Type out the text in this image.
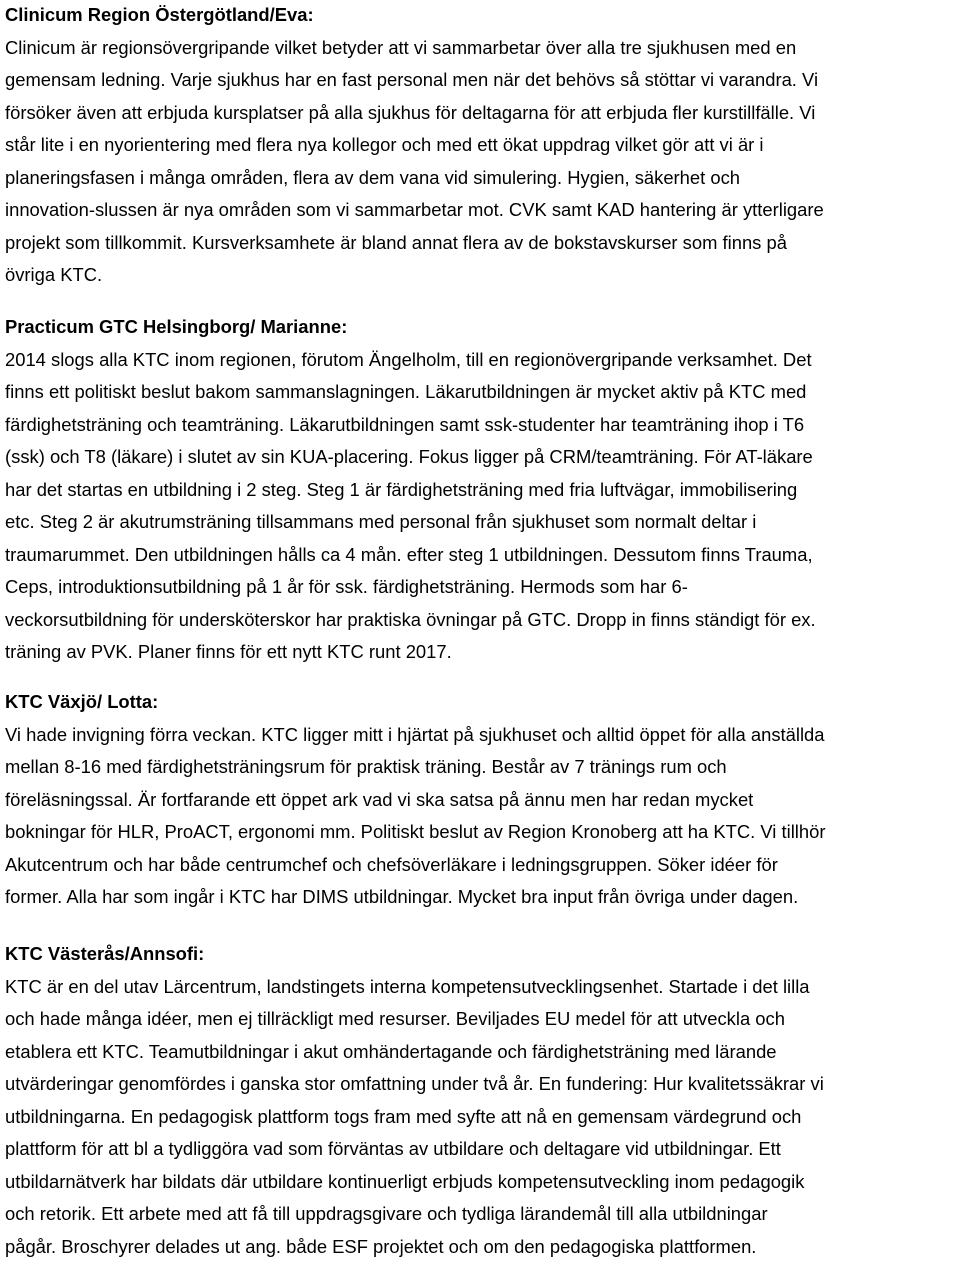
Clinicum Region Östergötland/Eva:
Clinicum är regionsövergripande vilket betyder att vi sammarbetar över alla tre sjukhusen med en
gemensam ledning. Varje sjukhus har en fast personal men när det behövs så stöttar vi varandra. Vi
försöker även att erbjuda kursplatser på alla sjukhus för deltagarna för att erbjuda fler kurstillfälle. Vi
står lite i en nyorientering med flera nya kollegor och med ett ökat uppdrag vilket gör att vi är i
planeringsfasen i många områden, flera av dem vana vid simulering. Hygien, säkerhet och
innovation-slussen är nya områden som vi sammarbetar mot. CVK samt KAD hantering är ytterligare
projekt som tillkommit. Kursverksamhete är bland annat flera av de bokstavskurser som finns på
övriga KTC.
Practicum GTC Helsingborg/ Marianne:
2014 slogs alla KTC inom regionen, förutom Ängelholm, till en regionövergripande verksamhet. Det
finns ett politiskt beslut bakom sammanslagningen. Läkarutbildningen är mycket aktiv på KTC med
färdighetsträning och teamträning. Läkarutbildningen samt ssk-studenter har teamträning ihop i T6
(ssk) och T8 (läkare) i slutet av sin KUA-placering. Fokus ligger på CRM/teamträning. För AT-läkare
har det startas en utbildning i 2 steg. Steg 1 är färdighetsträning med fria luftvägar, immobilisering
etc. Steg 2 är akutrumsträning tillsammans med personal från sjukhuset som normalt deltar i
traumarummet. Den utbildningen hålls ca 4 mån. efter steg 1 utbildningen. Dessutom finns Trauma,
Ceps, introduktionsutbildning på 1 år för ssk. färdighetsträning. Hermods som har 6-
veckorsutbildning för undersköterskor har praktiska övningar på GTC. Dropp in finns ständigt för ex.
träning av PVK. Planer finns för ett nytt KTC runt 2017.
KTC Växjö/ Lotta:
Vi hade invigning förra veckan. KTC ligger mitt i hjärtat på sjukhuset och alltid öppet för alla anställda
mellan 8-16 med färdighetsträningsrum för praktisk träning. Består av 7 tränings rum och
föreläsningssal. Är fortfarande ett öppet ark vad vi ska satsa på ännu men har redan mycket
bokningar för HLR, ProACT, ergonomi mm. Politiskt beslut av Region Kronoberg att ha KTC. Vi tillhör
Akutcentrum och har både centrumchef och chefsöverläkare i ledningsgruppen. Söker idéer för
former. Alla har som ingår i KTC har DIMS utbildningar. Mycket bra input från övriga under dagen.
KTC Västerås/Annsofi:
KTC är en del utav Lärcentrum, landstingets interna kompetensutvecklingsenhet. Startade i det lilla
och hade många idéer, men ej tillräckligt med resurser. Beviljades EU medel för att utveckla och
etablera ett KTC. Teamutbildningar i akut omhändertagande och färdighetsträning med lärande
utvärderingar genomfördes i ganska stor omfattning under två år. En fundering: Hur kvalitetssäkrar vi
utbildningarna. En pedagogisk plattform togs fram med syfte att nå en gemensam värdegrund och
plattform för att bl a tydliggöra vad som förväntas av utbildare och deltagare vid utbildningar. Ett
utbildarnätverk har bildats där utbildare kontinuerligt erbjuds kompetensutveckling inom pedagogik
och retorik. Ett arbete med att få till uppdragsgivare och tydliga lärandemål till alla utbildningar
pågår. Broschyrer delades ut ang. både ESF projektet och om den pedagogiska plattformen.
